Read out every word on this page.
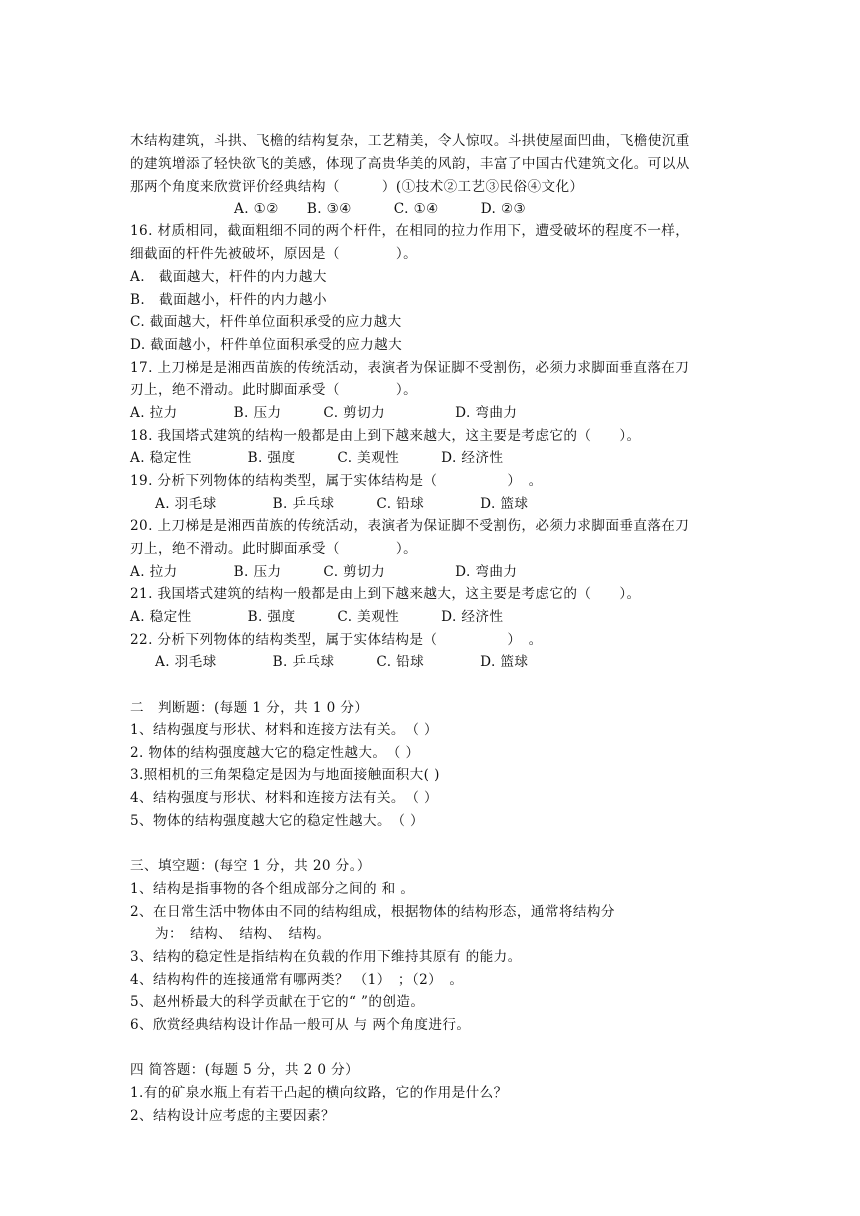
木结构建筑，斗拱、飞檐的结构复杂，工艺精美，令人惊叹。斗拱使屋面凹曲，飞檐使沉重
的建筑增添了轻快欲飞的美感，体现了高贵华美的风韵，丰富了中国古代建筑文化。可以从
那两个角度来欣赏评价经典结构（　　　）(①技术②工艺③民俗④文化）
A. ①②　　B. ③④　　　C. ①④　　　D. ②③
16. 材质相同，截面粗细不同的两个杆件，在相同的拉力作用下，遭受破坏的程度不一样，
细截面的杆件先被破坏，原因是（　　　　）。
A.　截面越大，杆件的内力越大
B.　截面越小，杆件的内力越小
C. 截面越大，杆件单位面积承受的应力越大
D. 截面越小，杆件单位面积承受的应力越大
17. 上刀梯是是湘西苗族的传统活动，表演者为保证脚不受割伤，必须力求脚面垂直落在刀
刃上，绝不滑动。此时脚面承受（　　　　）。
A. 拉力　　　　B. 压力　　　C. 剪切力　　　　　D. 弯曲力
18. 我国塔式建筑的结构一般都是由上到下越来越大，这主要是考虑它的（　　）。
A. 稳定性　　　　B. 强度　　　C. 美观性　　　D. 经济性
19. 分析下列物体的结构类型，属于实体结构是（　　　　　）　。
A. 羽毛球　　　　B. 乒乓球　　　C. 铅球　　　　D. 篮球
20. 上刀梯是是湘西苗族的传统活动，表演者为保证脚不受割伤，必须力求脚面垂直落在刀
刃上，绝不滑动。此时脚面承受（　　　　）。
A. 拉力　　　　B. 压力　　　C. 剪切力　　　　　D. 弯曲力
21. 我国塔式建筑的结构一般都是由上到下越来越大，这主要是考虑它的（　　）。
A. 稳定性　　　　B. 强度　　　C. 美观性　　　D. 经济性
22. 分析下列物体的结构类型，属于实体结构是（　　　　　）　。
A. 羽毛球　　　　B. 乒乓球　　　C. 铅球　　　　D. 篮球
二　判断题：(每题 1 分，共 1 0 分）
1、结构强度与形状、材料和连接方法有关。　（ ）
2. 物体的结构强度越大它的稳定性越大。　（ ）
3.照相机的三角架稳定是因为与地面接触面积大( )
4、结构强度与形状、材料和连接方法有关。　（ ）
5、物体的结构强度越大它的稳定性越大。　（ ）
三、填空题：(每空 1 分，共 20 分。）
1、结构是指事物的各个组成部分之间的 和 。
2、在日常生活中物体由不同的结构组成，根据物体的结构形态，通常将结构分
为：　结构、　结构、　结构。
3、结构的稳定性是指结构在负载的作用下维持其原有 的能力。
4、结构构件的连接通常有哪两类？ （1）　；（2）　。
5、赵州桥最大的科学贡献在于它的“ ”的创造。
6、欣赏经典结构设计作品一般可从 与 两个角度进行。
四 简答题：(每题 5 分，共 2 0 分）
1.有的矿泉水瓶上有若干凸起的横向纹路，它的作用是什么？
2、结构设计应考虑的主要因素？
